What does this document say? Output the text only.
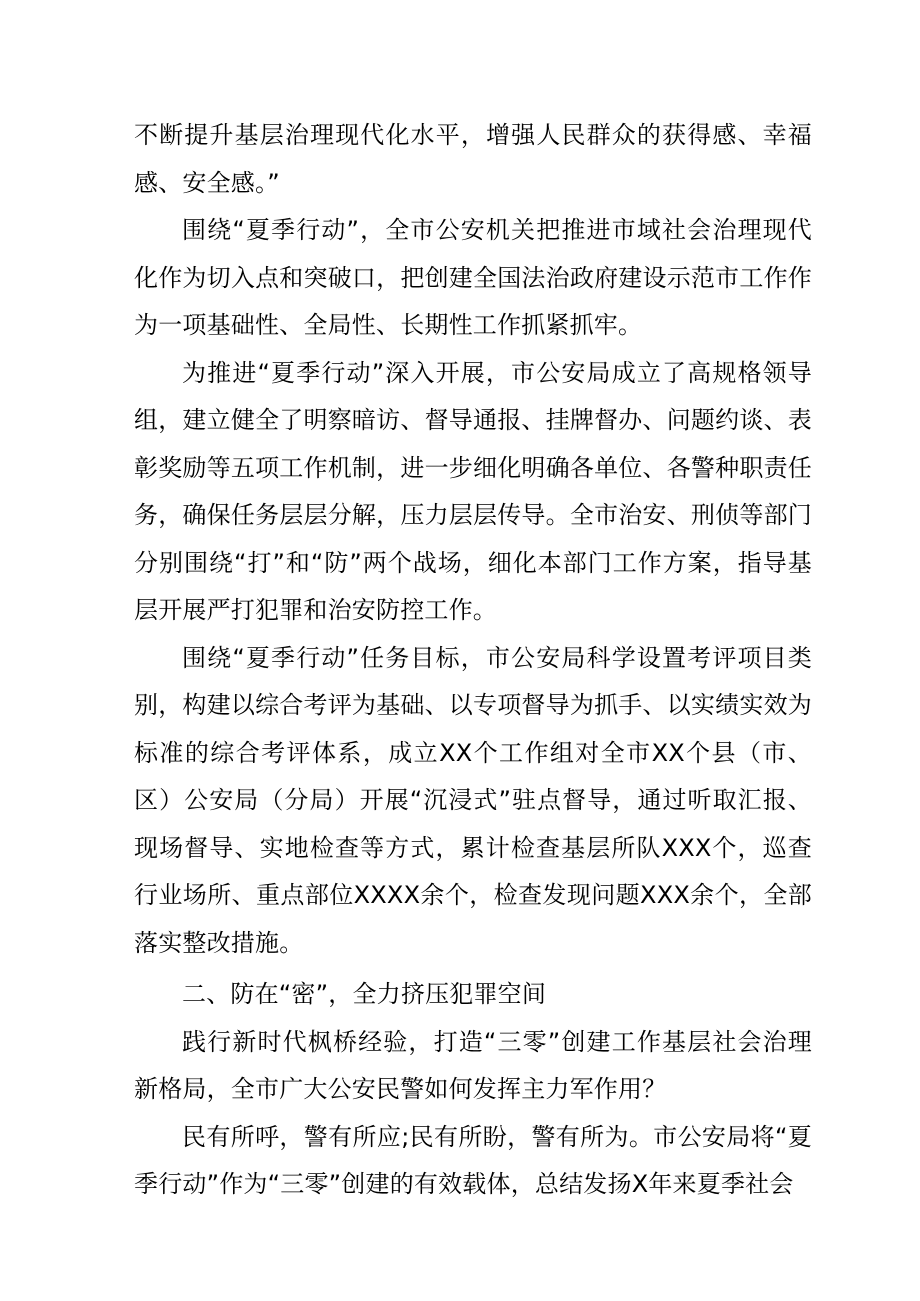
不断提升基层治理现代化水平，增强人民群众的获得感、幸福感、安全感。”

围绕“夏季行动”，全市公安机关把推进市域社会治理现代化作为切入点和突破口，把创建全国法治政府建设示范市工作作为一项基础性、全局性、长期性工作抓紧抓牢。

为推进“夏季行动”深入开展，市公安局成立了高规格领导组，建立健全了明察暗访、督导通报、挂牌督办、问题约谈、表彰奖励等五项工作机制，进一步细化明确各单位、各警种职责任务，确保任务层层分解，压力层层传导。全市治安、刑侦等部门分别围绕“打”和“防”两个战场，细化本部门工作方案，指导基层开展严打犯罪和治安防控工作。

围绕“夏季行动”任务目标，市公安局科学设置考评项目类别，构建以综合考评为基础、以专项督导为抓手、以实绩实效为标准的综合考评体系，成立XX个工作组对全市XX个县（市、区）公安局（分局）开展“沉浸式”驻点督导，通过听取汇报、现场督导、实地检查等方式，累计检查基层所队XXX个，巡查行业场所、重点部位XXXX余个，检查发现问题XXX余个，全部落实整改措施。

二、防在“密”，全力挤压犯罪空间

践行新时代枫桥经验，打造“三零”创建工作基层社会治理新格局，全市广大公安民警如何发挥主力军作用？

民有所呼，警有所应;民有所盼，警有所为。市公安局将“夏季行动”作为“三零”创建的有效载体，总结发扬X年来夏季社会
